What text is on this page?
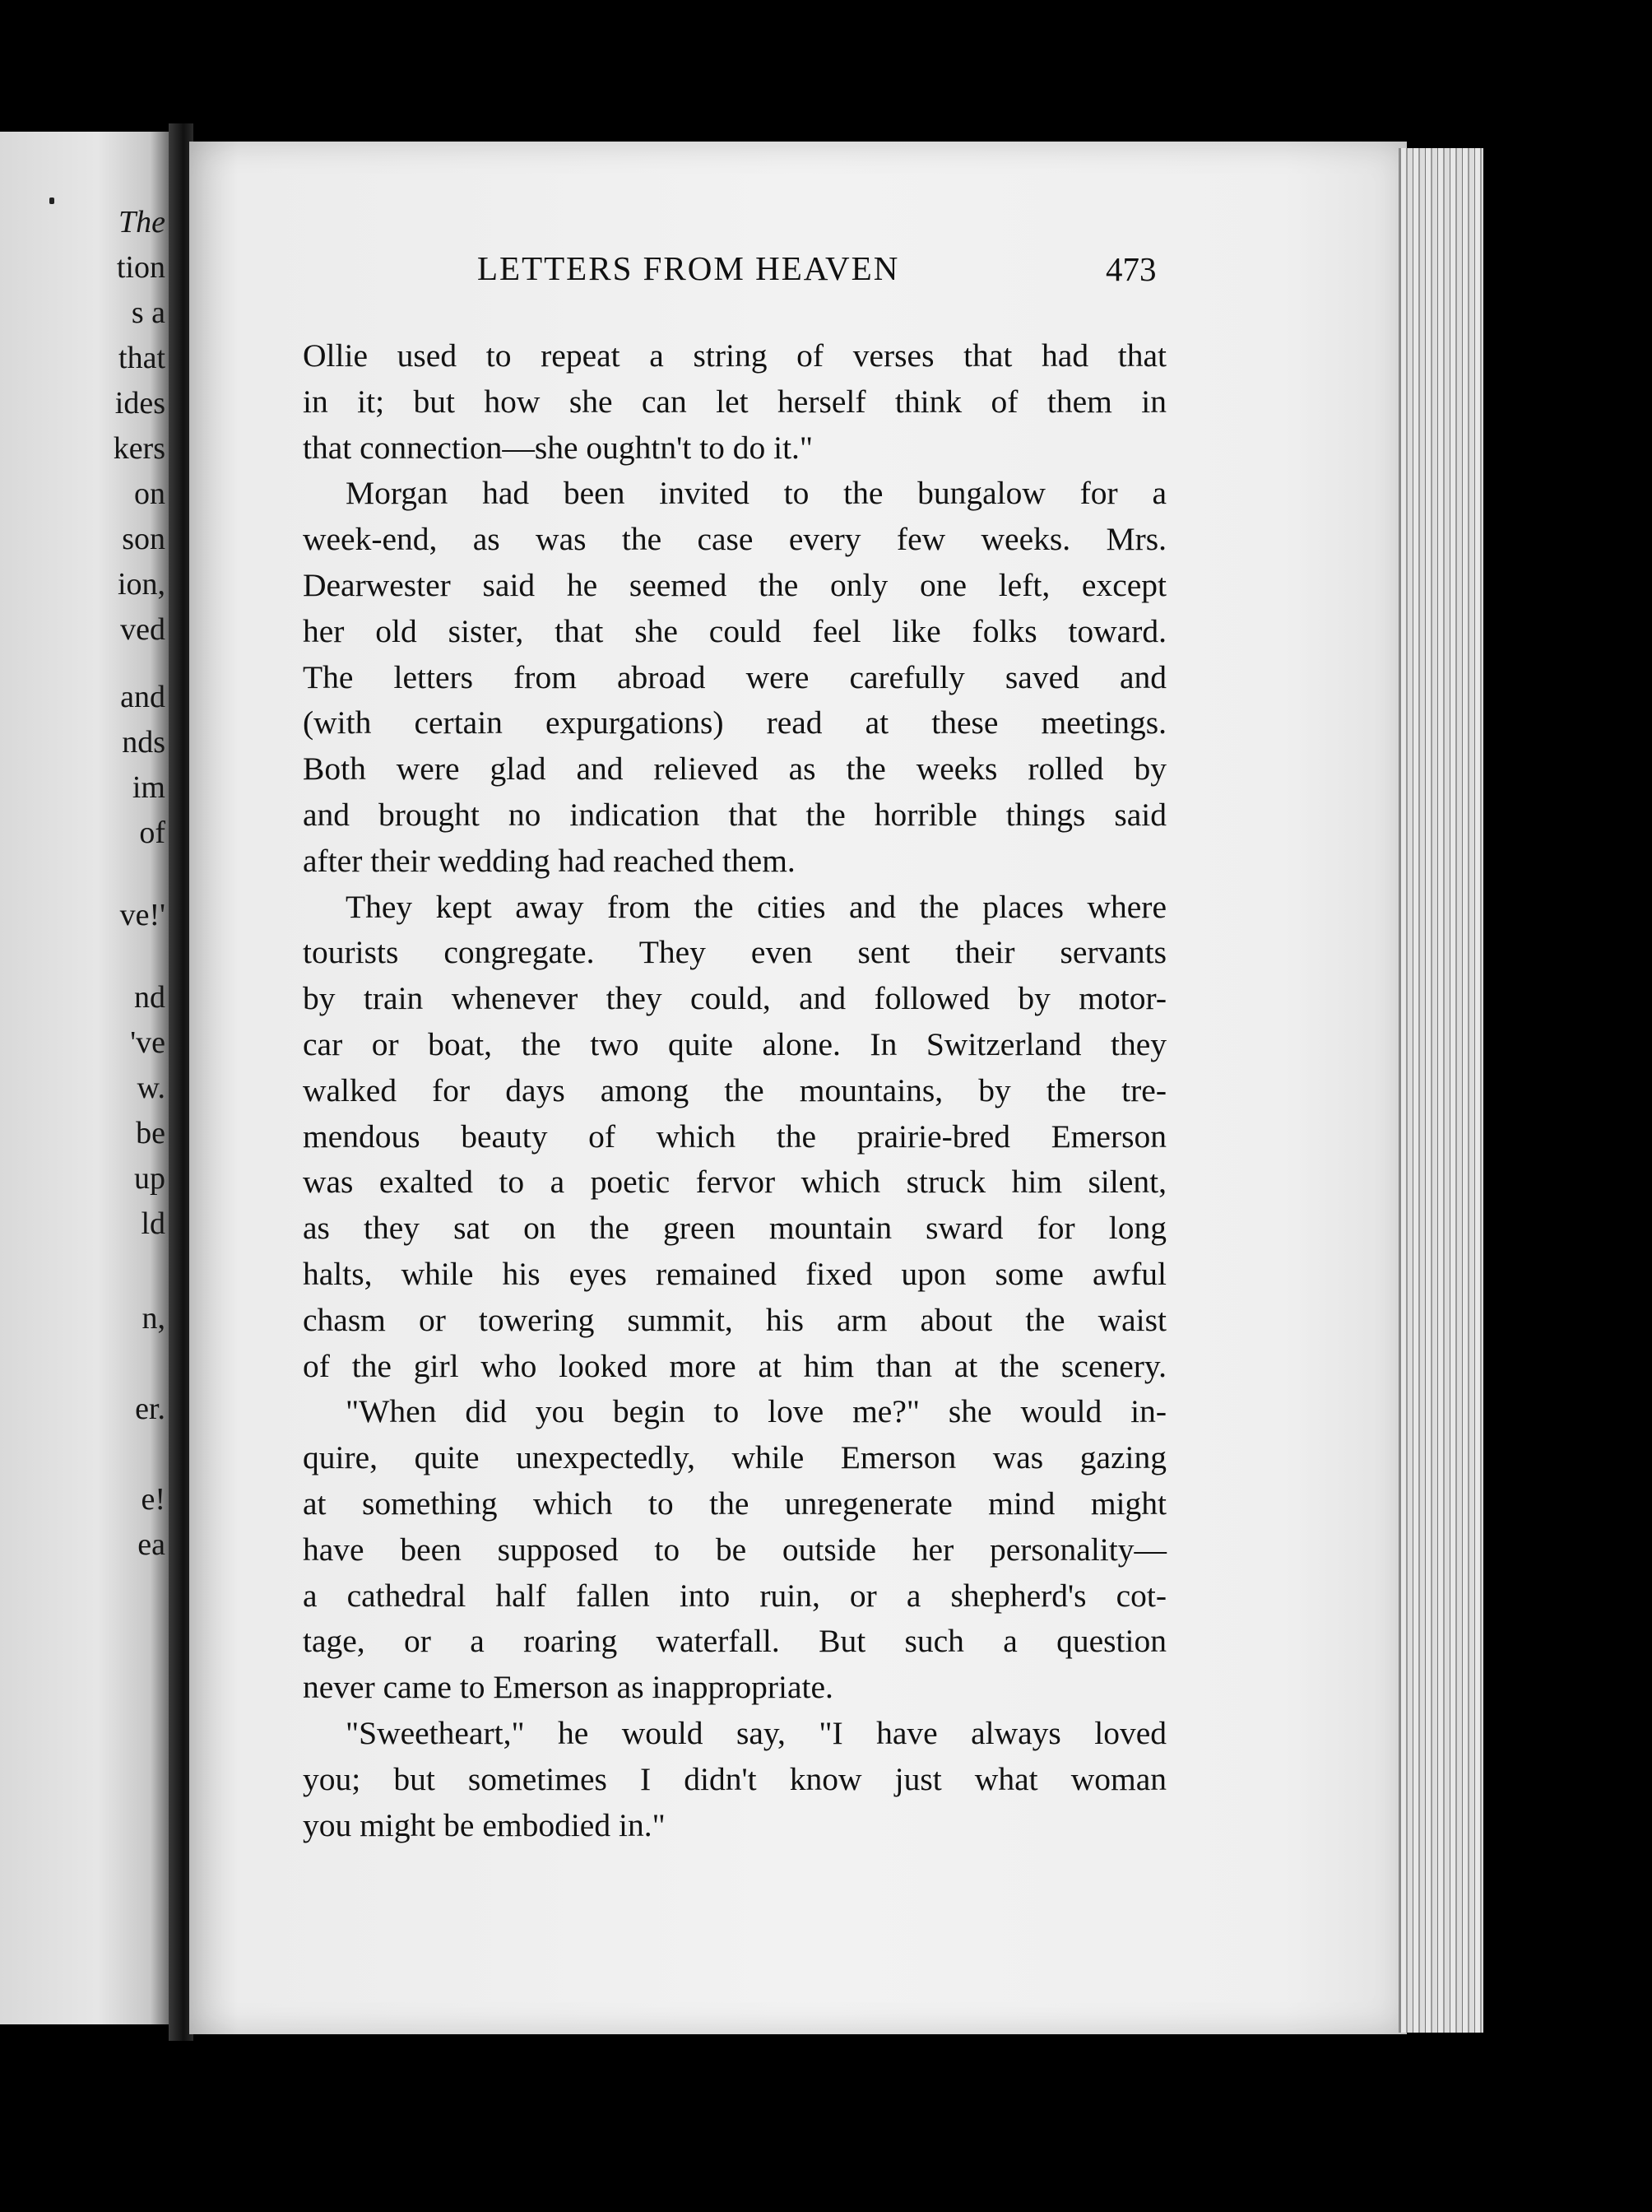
The
tion
s a
that
ides
kers
on
son
ion,
ved
and
nds
im
of
ve!'
nd
've
w.
be
up
ld
n,
er.
e!
ea
LETTERS FROM HEAVEN	473
Ollie used to repeat a string of verses that had that
in it; but how she can let herself think of them in
that connection—she oughtn't to do it."
Morgan had been invited to the bungalow for a
week-end, as was the case every few weeks. Mrs.
Dearwester said he seemed the only one left, except
her old sister, that she could feel like folks toward.
The letters from abroad were carefully saved and
(with certain expurgations) read at these meetings.
Both were glad and relieved as the weeks rolled by
and brought no indication that the horrible things said
after their wedding had reached them.
They kept away from the cities and the places where
tourists congregate. They even sent their servants
by train whenever they could, and followed by motor-
car or boat, the two quite alone. In Switzerland they
walked for days among the mountains, by the tre-
mendous beauty of which the prairie-bred Emerson
was exalted to a poetic fervor which struck him silent,
as they sat on the green mountain sward for long
halts, while his eyes remained fixed upon some awful
chasm or towering summit, his arm about the waist
of the girl who looked more at him than at the scenery.
"When did you begin to love me?" she would in-
quire, quite unexpectedly, while Emerson was gazing
at something which to the unregenerate mind might
have been supposed to be outside her personality—
a cathedral half fallen into ruin, or a shepherd's cot-
tage, or a roaring waterfall. But such a question
never came to Emerson as inappropriate.
"Sweetheart," he would say, "I have always loved
you; but sometimes I didn't know just what woman
you might be embodied in."
